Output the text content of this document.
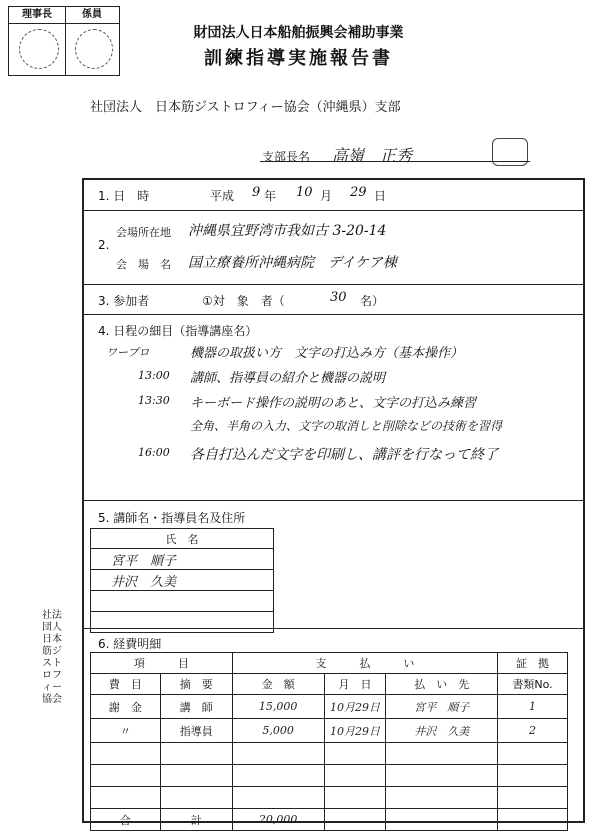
理事長	係員
財団法人日本船舶振興会補助事業
訓練指導実施報告書
社団法人　日本筋ジストロフィー協会（沖縄県）支部
支部長名 高嶺　正秀
1. 日　時	平成 9 年 10 月 29 日
2.
会場所在地 沖縄県宜野湾市我如古 3-20-14
会　場　名 国立療養所沖縄病院　デイケア棟
3. 参加者	①対　象　者（	30 名）
4. 日程の細目（指導講座名）
ワープロ	機器の取扱い方　文字の打込み方（基本操作）
13:00 講師、指導員の紹介と機器の説明
13:30 キーボード操作の説明のあと、文字の打込み練習
全角、半角の入力、文字の取消しと削除などの技術を習得
16:00 各自打込んだ文字を印刷し、講評を行なって終了
5. 講師名・指導員名及住所
氏　名
宮平　順子
井沢　久美

6. 経費明細
項　　　目		支　　　払　　　い			証　拠
費　目	摘　要	金　額	月　日	払　い　先	書類No.
謝　金	講　師	15,000	10月29日	宮平　順子	1
〃	指導員	5,000	10月29日	井沢　久美	2

合	計	20,000			
社法団人日本筋ジストロフィー協会
